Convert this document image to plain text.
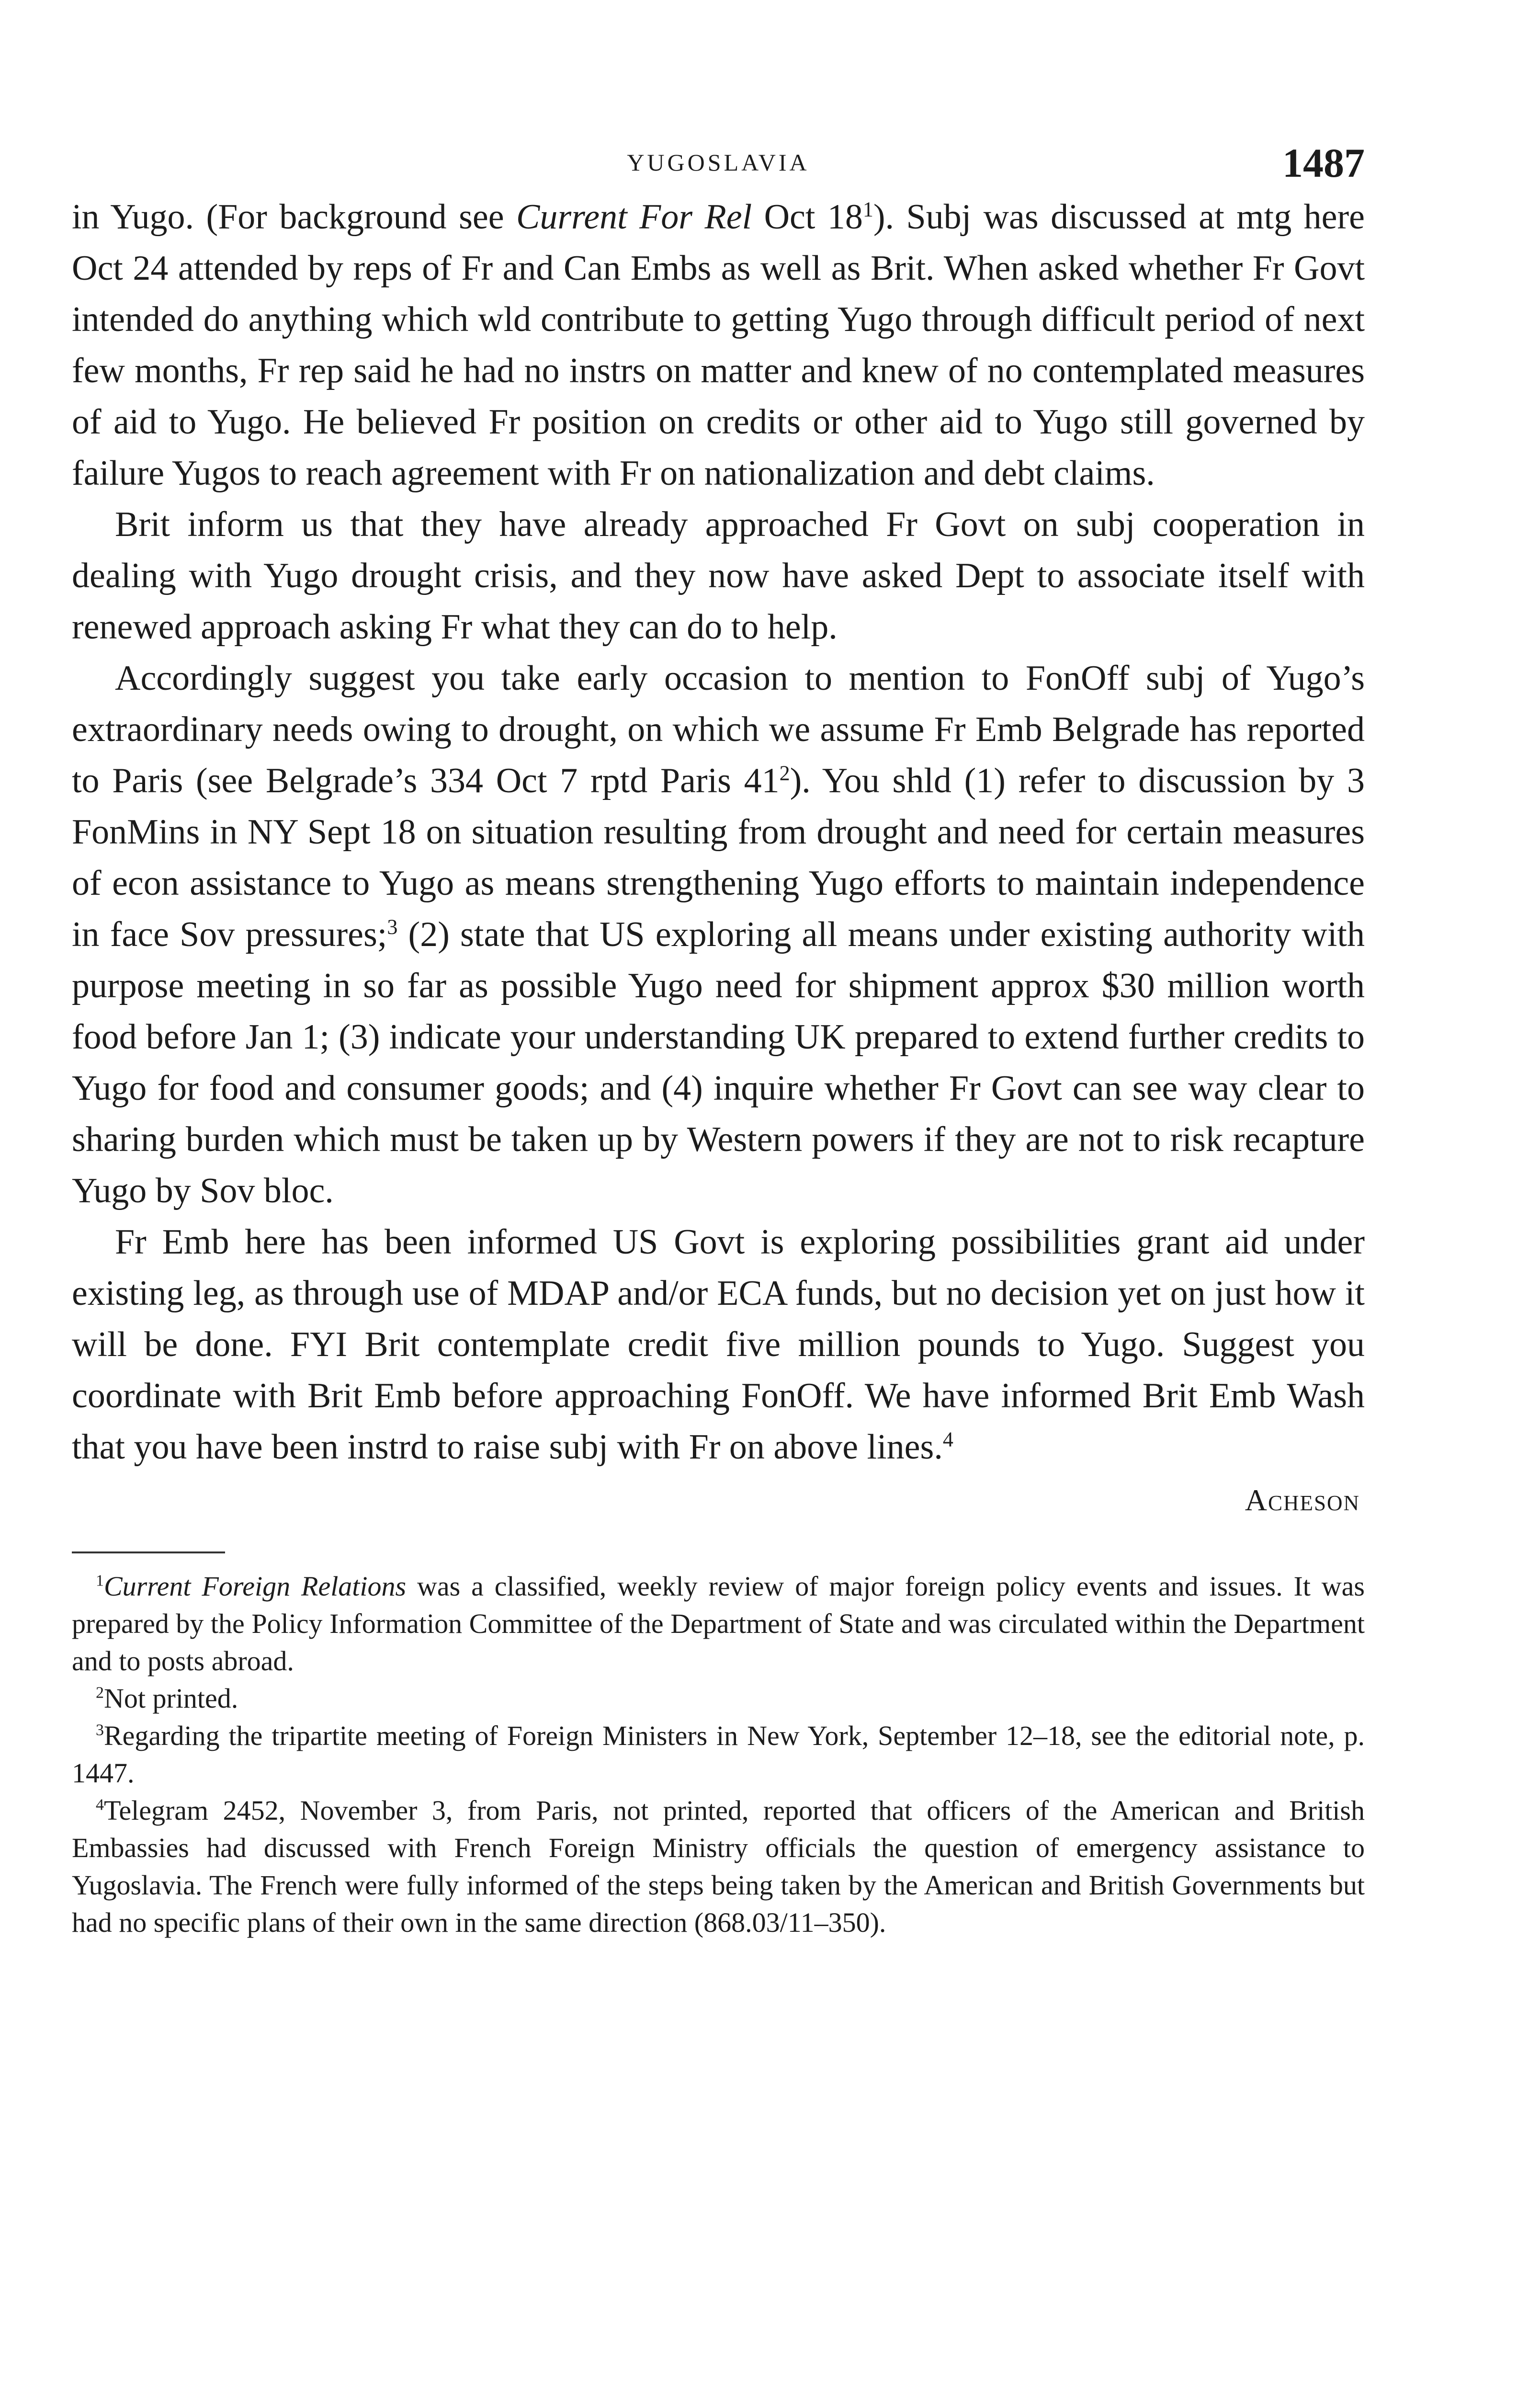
YUGOSLAVIA	1487

in Yugo. (For background see Current For Rel Oct $18^1$). Subj was discussed at mtg here Oct 24 attended by reps of Fr and Can Embs as well as Brit. When asked whether Fr Govt intended do anything which wld contribute to getting Yugo through difficult period of next few months, Fr rep said he had no instrs on matter and knew of no contemplated measures of aid to Yugo. He believed Fr position on credits or other aid to Yugo still governed by failure Yugos to reach agreement with Fr on nationalization and debt claims.

Brit inform us that they have already approached Fr Govt on subj cooperation in dealing with Yugo drought crisis, and they now have asked Dept to associate itself with renewed approach asking Fr what they can do to help.

Accordingly suggest you take early occasion to mention to FonOff subj of Yugo’s extraordinary needs owing to drought, on which we assume Fr Emb Belgrade has reported to Paris (see Belgrade’s 334 Oct 7 rptd Paris $41^2$). You shld (1) refer to discussion by 3 FonMins in NY Sept 18 on situation resulting from drought and need for certain measures of econ assistance to Yugo as means strengthening Yugo efforts to maintain independence in face Sov pressures;$^3$ (2) state that US exploring all means under existing authority with purpose meeting in so far as possible Yugo need for shipment approx $30 million worth food before Jan 1; (3) indicate your understanding UK prepared to extend further credits to Yugo for food and consumer goods; and (4) inquire whether Fr Govt can see way clear to sharing burden which must be taken up by Western powers if they are not to risk recapture Yugo by Sov bloc.

Fr Emb here has been informed US Govt is exploring possibilities grant aid under existing leg, as through use of MDAP and/or ECA funds, but no decision yet on just how it will be done. FYI Brit contemplate credit five million pounds to Yugo. Suggest you coordinate with Brit Emb before approaching FonOff. We have informed Brit Emb Wash that you have been instrd to raise subj with Fr on above lines.$^4$

Acheson

$^1$Current Foreign Relations was a classified, weekly review of major foreign policy events and issues. It was prepared by the Policy Information Committee of the Department of State and was circulated within the Department and to posts abroad.

$^2$Not printed.

$^3$Regarding the tripartite meeting of Foreign Ministers in New York, September 12–18, see the editorial note, p. 1447.

$^4$Telegram 2452, November 3, from Paris, not printed, reported that officers of the American and British Embassies had discussed with French Foreign Ministry officials the question of emergency assistance to Yugoslavia. The French were fully informed of the steps being taken by the American and British Governments but had no specific plans of their own in the same direction (868.03/11–350).
